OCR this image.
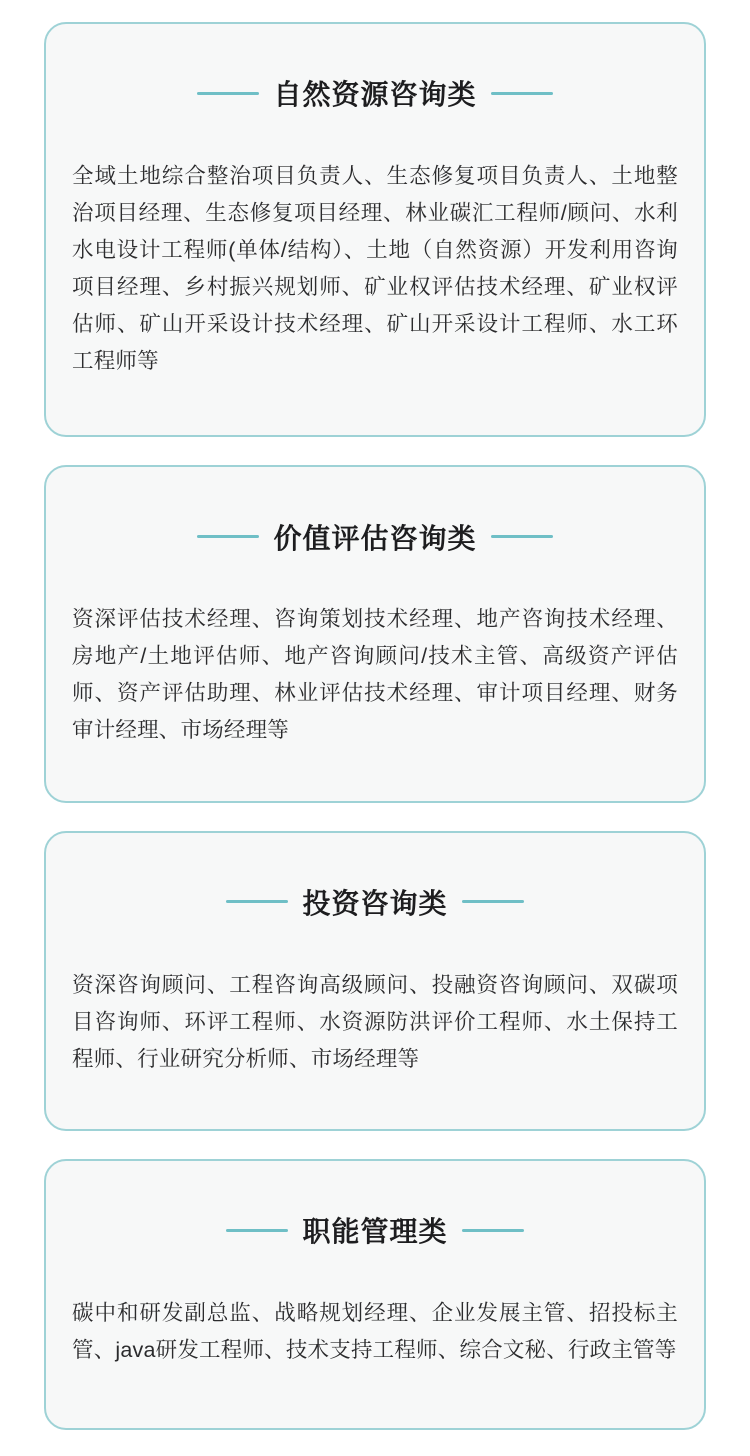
自然资源咨询类

全域土地综合整治项目负责人、生态修复项目负责人、土地整治项目经理、生态修复项目经理、林业碳汇工程师/顾问、水利水电设计工程师(单体/结构）、土地（自然资源）开发利用咨询项目经理、乡村振兴规划师、矿业权评估技术经理、矿业权评估师、矿山开采设计技术经理、矿山开采设计工程师、水工环工程师等

价值评估咨询类

资深评估技术经理、咨询策划技术经理、地产咨询技术经理、房地产/土地评估师、地产咨询顾问/技术主管、高级资产评估师、资产评估助理、林业评估技术经理、审计项目经理、财务审计经理、市场经理等

投资咨询类

资深咨询顾问、工程咨询高级顾问、投融资咨询顾问、双碳项目咨询师、环评工程师、水资源防洪评价工程师、水土保持工程师、行业研究分析师、市场经理等

职能管理类

碳中和研发副总监、战略规划经理、企业发展主管、招投标主管、java研发工程师、技术支持工程师、综合文秘、行政主管等
